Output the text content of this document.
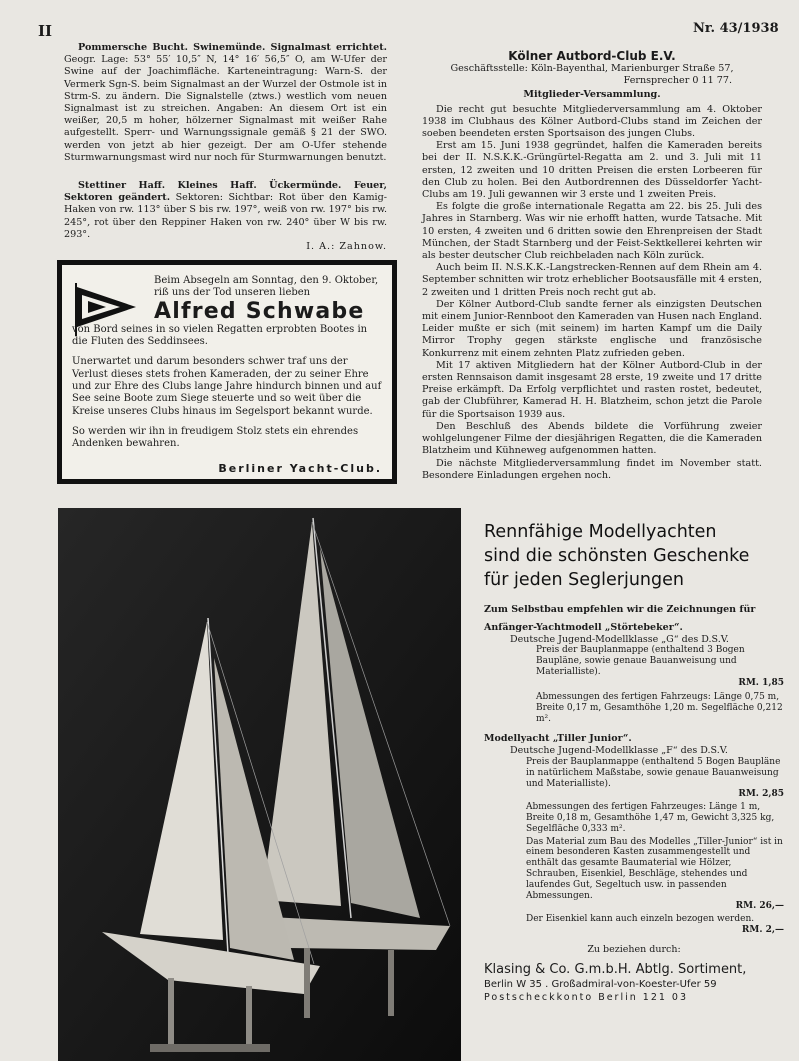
II	Nr. 43/1938

Pommersche Bucht. Swinemünde. Signalmast errichtet. Geogr. Lage: 53° 55′ 10,5″ N, 14° 16′ 56,5″ O, am W-Ufer der Swine auf der Joachimfläche. Karteneintragung: Warn-S. der Vermerk Sgn-S. beim Signalmast an der Wurzel der Ostmole ist in Strm-S. zu ändern. Die Signalstelle (ztws.) westlich vom neuen Signalmast ist zu streichen. Angaben: An diesem Ort ist ein weißer, 20,5 m hoher, hölzerner Signalmast mit weißer Rahe aufgestellt. Sperr- und Warnungssignale gemäß § 21 der SWO. werden von jetzt ab hier gezeigt. Der am O-Ufer stehende Sturmwarnungsmast wird nur noch für Sturmwarnungen benutzt.

Stettiner Haff. Kleines Haff. Ückermünde. Feuer, Sektoren geändert. Sektoren: Sichtbar: Rot über den Kamig-Haken von rw. 113° über S bis rw. 197°, weiß von rw. 197° bis rw. 245°, rot über den Reppiner Haken von rw. 240° über W bis rw. 293°.

I. A.: Zahnow.

Beim Absegeln am Sonntag, den 9. Oktober, riß uns der Tod unseren lieben

Alfred Schwabe

von Bord seines in so vielen Regatten erprobten Bootes in die Fluten des Seddinsees.

Unerwartet und darum besonders schwer traf uns der Verlust dieses stets frohen Kameraden, der zu seiner Ehre und zur Ehre des Clubs lange Jahre hindurch binnen und auf See seine Boote zum Siege steuerte und so weit über die Kreise unseres Clubs hinaus im Segelsport bekannt wurde.

So werden wir ihn in freudigem Stolz stets ein ehrendes Andenken bewahren.

Berliner Yacht-Club.

Kölner Autbord-Club E.V.

Geschäftsstelle: Köln-Bayenthal, Marienburger Straße 57,

Fernsprecher 0 11 77.

Mitglieder-Versammlung.

Die recht gut besuchte Mitgliederversammlung am 4. Oktober 1938 im Clubhaus des Kölner Autbord-Clubs stand im Zeichen der soeben beendeten ersten Sportsaison des jungen Clubs.

Erst am 15. Juni 1938 gegründet, halfen die Kameraden bereits bei der II. N.S.K.K.-Grüngürtel-Regatta am 2. und 3. Juli mit 11 ersten, 12 zweiten und 10 dritten Preisen die ersten Lorbeeren für den Club zu holen. Bei den Autbordrennen des Düsseldorfer Yacht-Clubs am 19. Juli gewannen wir 3 erste und 1 zweiten Preis.

Es folgte die große internationale Regatta am 22. bis 25. Juli des Jahres in Starnberg. Was wir nie erhofft hatten, wurde Tatsache. Mit 10 ersten, 4 zweiten und 6 dritten sowie den Ehrenpreisen der Stadt München, der Stadt Starnberg und der Feist-Sektkellerei kehrten wir als bester deutscher Club reichbeladen nach Köln zurück.

Auch beim II. N.S.K.K.-Langstrecken-Rennen auf dem Rhein am 4. September schnitten wir trotz erheblicher Bootsausfälle mit 4 ersten, 2 zweiten und 1 dritten Preis noch recht gut ab.

Der Kölner Autbord-Club sandte ferner als einzigsten Deutschen mit einem Junior-Rennboot den Kameraden van Husen nach England. Leider mußte er sich (mit seinem) im harten Kampf um die Daily Mirror Trophy gegen stärkste englische und französische Konkurrenz mit einem zehnten Platz zufrieden geben.

Mit 17 aktiven Mitgliedern hat der Kölner Autbord-Club in der ersten Rennsaison damit insgesamt 28 erste, 19 zweite und 17 dritte Preise erkämpft. Da Erfolg verpflichtet und rasten rostet, bedeutet, gab der Clubführer, Kamerad H. H. Blatzheim, schon jetzt die Parole für die Sportsaison 1939 aus.

Den Beschluß des Abends bildete die Vorführung zweier wohlgelungener Filme der diesjährigen Regatten, die die Kameraden Blatzheim und Kühneweg aufgenommen hatten.

Die nächste Mitgliederversammlung findet im November statt. Besondere Einladungen ergehen noch.

Rennfähige Modellyachten
sind die schönsten Geschenke
für jeden Seglerjungen

Zum Selbstbau empfehlen wir die Zeichnungen für

Anfänger-Yachtmodell „Störtebeker“.

Deutsche Jugend-Modellklasse „G“ des D.S.V.

Preis der Bauplanmappe (enthaltend 3 Bogen Baupläne, sowie genaue Bauanweisung und Materialliste).

RM. 1,85

Abmessungen des fertigen Fahrzeugs: Länge 0,75 m, Breite 0,17 m, Gesamthöhe 1,20 m. Segelfläche 0,212 m².

Modellyacht „Tiller Junior“.

Deutsche Jugend-Modellklasse „F“ des D.S.V.

Preis der Bauplanmappe (enthaltend 5 Bogen Baupläne in natürlichem Maßstabe, sowie genaue Bauanweisung und Materialliste).

RM. 2,85

Abmessungen des fertigen Fahrzeuges: Länge 1 m, Breite 0,18 m, Gesamthöhe 1,47 m, Gewicht 3,325 kg, Segelfläche 0,333 m².

Das Material zum Bau des Modelles „Tiller-Junior“ ist in einem besonderen Kasten zusammengestellt und enthält das gesamte Baumaterial wie Hölzer, Schrauben, Eisenkiel, Beschläge, stehendes und laufendes Gut, Segeltuch usw. in passenden Abmessungen.

RM. 26,—

Der Eisenkiel kann auch einzeln bezogen werden.

RM. 2,—

Zu beziehen durch:

Klasing & Co. G.m.b.H. Abtlg. Sortiment,

Berlin W 35 . Großadmiral-von-Koester-Ufer 59

Postscheckkonto Berlin 121 03
